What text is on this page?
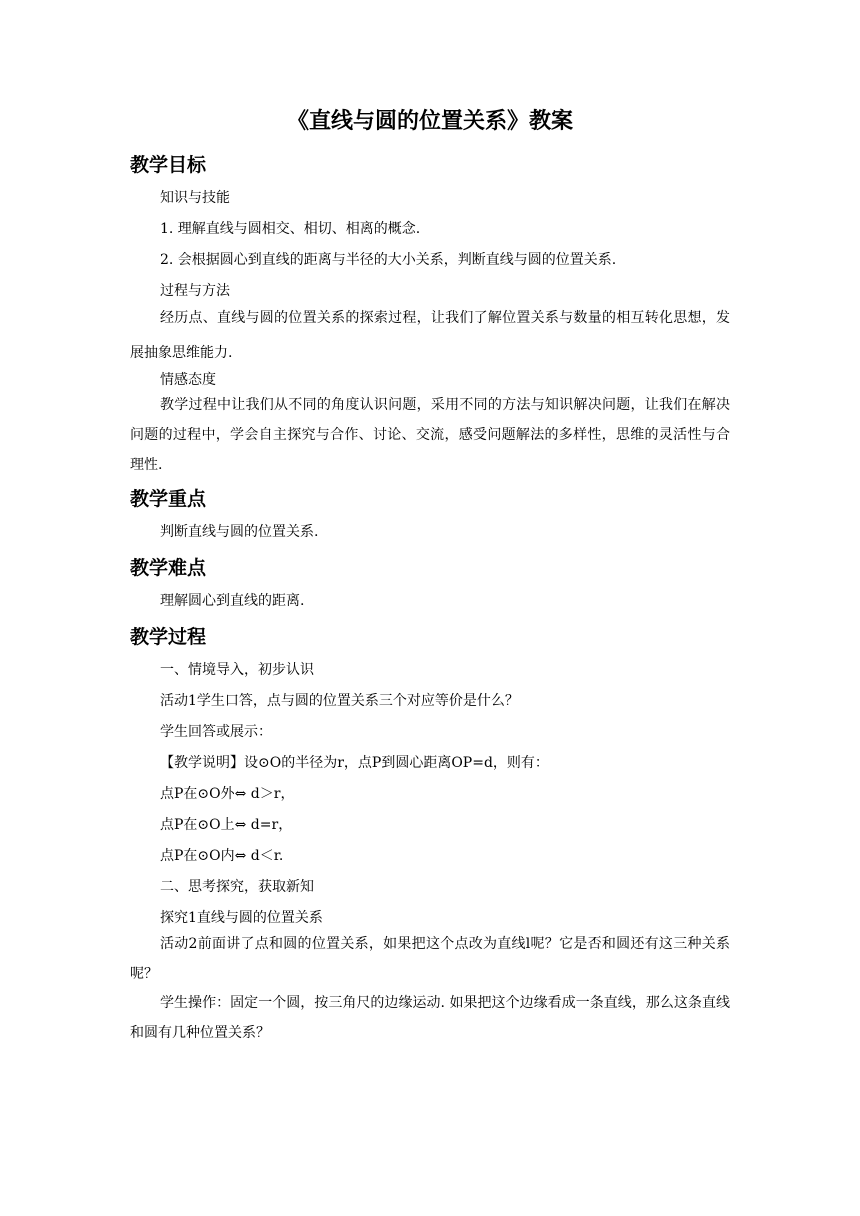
《直线与圆的位置关系》教案
教学目标
知识与技能
1. 理解直线与圆相交、相切、相离的概念.
2. 会根据圆心到直线的距离与半径的大小关系，判断直线与圆的位置关系.
过程与方法
经历点、直线与圆的位置关系的探索过程，让我们了解位置关系与数量的相互转化思想，发展抽象思维能力.
情感态度
教学过程中让我们从不同的角度认识问题，采用不同的方法与知识解决问题，让我们在解决问题的过程中，学会自主探究与合作、讨论、交流，感受问题解法的多样性，思维的灵活性与合理性.
教学重点
判断直线与圆的位置关系.
教学难点
理解圆心到直线的距离.
教学过程
一、情境导入，初步认识
活动1学生口答，点与圆的位置关系三个对应等价是什么？
学生回答或展示：
【教学说明】设⊙O的半径为r，点P到圆心距离OP=d，则有：
点P在⊙O外⇔ d＞r，
点P在⊙O上⇔ d=r，
点P在⊙O内⇔ d＜r.
二、思考探究，获取新知
探究1直线与圆的位置关系
活动2前面讲了点和圆的位置关系，如果把这个点改为直线l呢？它是否和圆还有这三种关系呢？
学生操作：固定一个圆，按三角尺的边缘运动. 如果把这个边缘看成一条直线，那么这条直线和圆有几种位置关系？
